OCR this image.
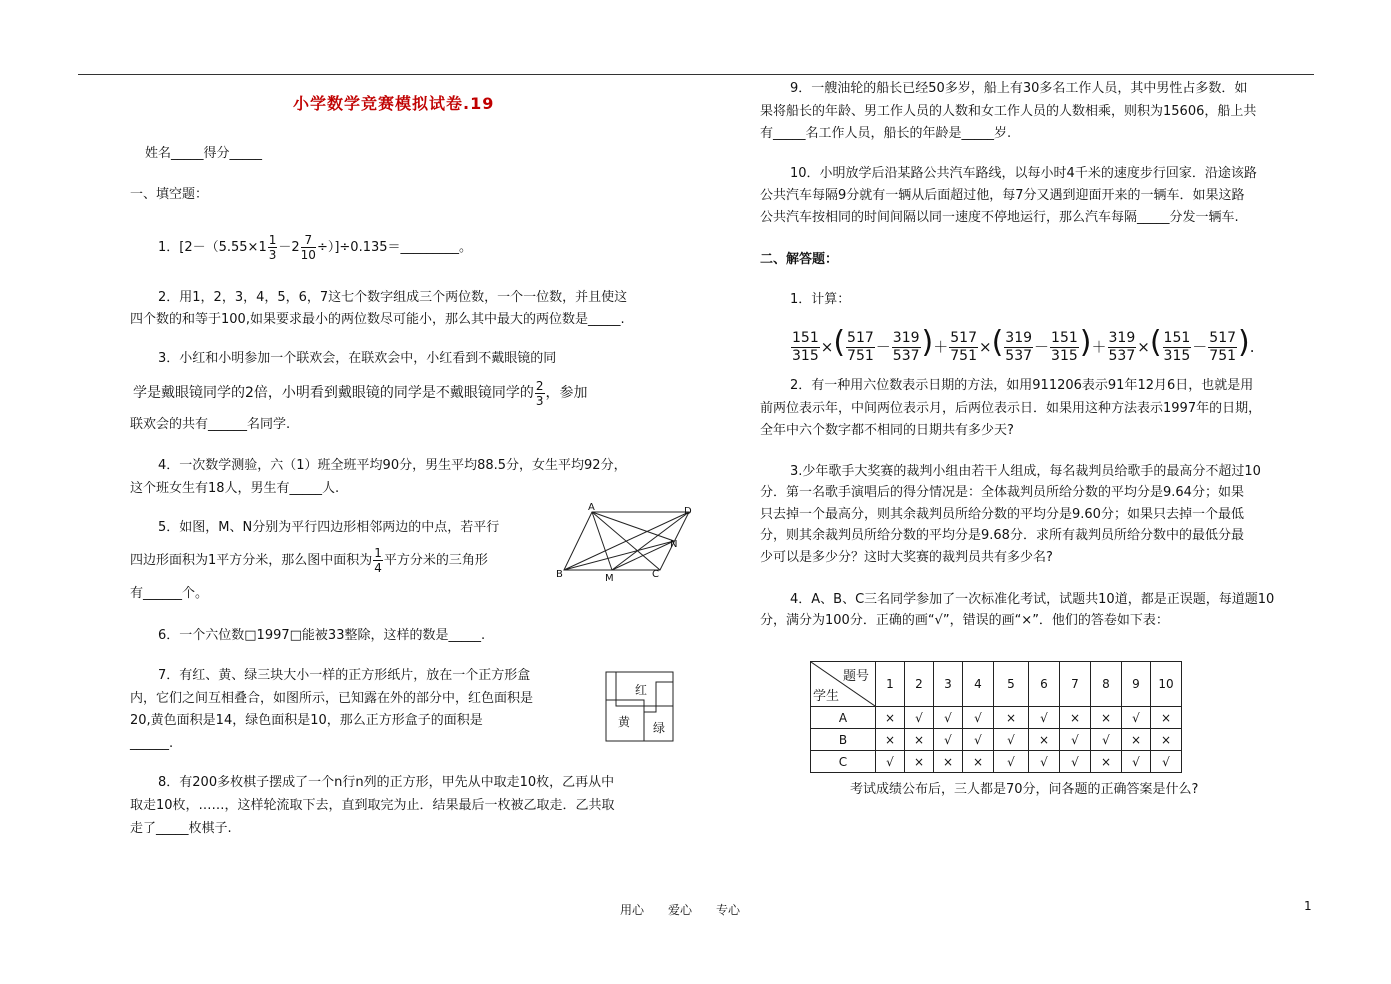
小学数学竞赛模拟试卷.19
姓名_____得分_____
一、填空题：
1．[$2-(5.55\times 1 \frac{1}{3} -2 \frac{7}{10}$ ÷）]÷0.135＝_________。
2．用1，2，3，4，5，6，7这七个数字组成三个两位数，一个一位数，并且使这
四个数的和等于100,如果要求最小的两位数尽可能小，那么其中最大的两位数是_____.
3．小红和小明参加一个联欢会，在联欢会中，小红看到不戴眼镜的同
学是戴眼镜同学的2倍，小明看到戴眼镜的同学是不戴眼镜同学的 $\frac{2}{3}$ ，参加
联欢会的共有______名同学.
4．一次数学测验，六（1）班全班平均90分，男生平均88.5分，女生平均92分，
这个班女生有18人，男生有_____人.
5．如图，M、N分别为平行四边形相邻两边的中点，若平行
四边形面积为1平方分米，那么图中面积为 $\frac{1}{4}$ 平方分米的三角形
有______个。
A	D
N
B	M	C
6．一个六位数□1997□能被33整除，这样的数是_____.
7．有红、黄、绿三块大小一样的正方形纸片，放在一个正方形盒
内，它们之间互相叠合，如图所示，已知露在外的部分中，红色面积是
20,黄色面积是14，绿色面积是10，那么正方形盒子的面积是
______.
红
黄 绿
8．有200多枚棋子摆成了一个n行n列的正方形，甲先从中取走10枚，乙再从中
取走10枚，……，这样轮流取下去，直到取完为止．结果最后一枚被乙取走．乙共取
走了_____枚棋子.
9．一艘油轮的船长已经50多岁，船上有30多名工作人员，其中男性占多数．如
果将船长的年龄、男工作人员的人数和女工作人员的人数相乘，则积为15606，船上共
有_____名工作人员，船长的年龄是_____岁.
10．小明放学后沿某路公共汽车路线，以每小时4千米的速度步行回家．沿途该路
公共汽车每隔9分就有一辆从后面超过他，每7分又遇到迎面开来的一辆车．如果这路
公共汽车按相同的时间间隔以同一速度不停地运行，那么汽车每隔_____分发一辆车.
二、解答题：
1．计算：
$\frac{151}{315}$ ×( $\frac{517}{751} - \frac{319}{537}$ )＋ $\frac{517}{751}$ ×( $\frac{319}{537} - \frac{151}{315}$ )＋ $\frac{319}{537}$ ×( $\frac{151}{315} - \frac{517}{751}$ ).
2．有一种用六位数表示日期的方法，如用911206表示91年12月6日，也就是用
前两位表示年，中间两位表示月，后两位表示日．如果用这种方法表示1997年的日期，
全年中六个数字都不相同的日期共有多少天?
3.少年歌手大奖赛的裁判小组由若干人组成，每名裁判员给歌手的最高分不超过10
分．第一名歌手演唱后的得分情况是：全体裁判员所给分数的平均分是9.64分；如果
只去掉一个最高分，则其余裁判员所给分数的平均分是9.60分；如果只去掉一个最低
分，则其余裁判员所给分数的平均分是9.68分．求所有裁判员所给分数中的最低分最
少可以是多少分？这时大奖赛的裁判员共有多少名?
4．A、B、C三名同学参加了一次标准化考试，试题共10道，都是正误题，每道题10
分，满分为100分．正确的画“√”，错误的画“×”．他们的答卷如下表：
题号
学生	1	2	3	4	5	6	7	8	9	10
A	×	√	√	√	×	√	×	×	√	×
B	×	×	√	√	√	×	√	√	×	×
C	√	×	×	×	√	√	√	×	√	√
考试成绩公布后，三人都是70分，问各题的正确答案是什么?
用心　　爱心　　专心	1
